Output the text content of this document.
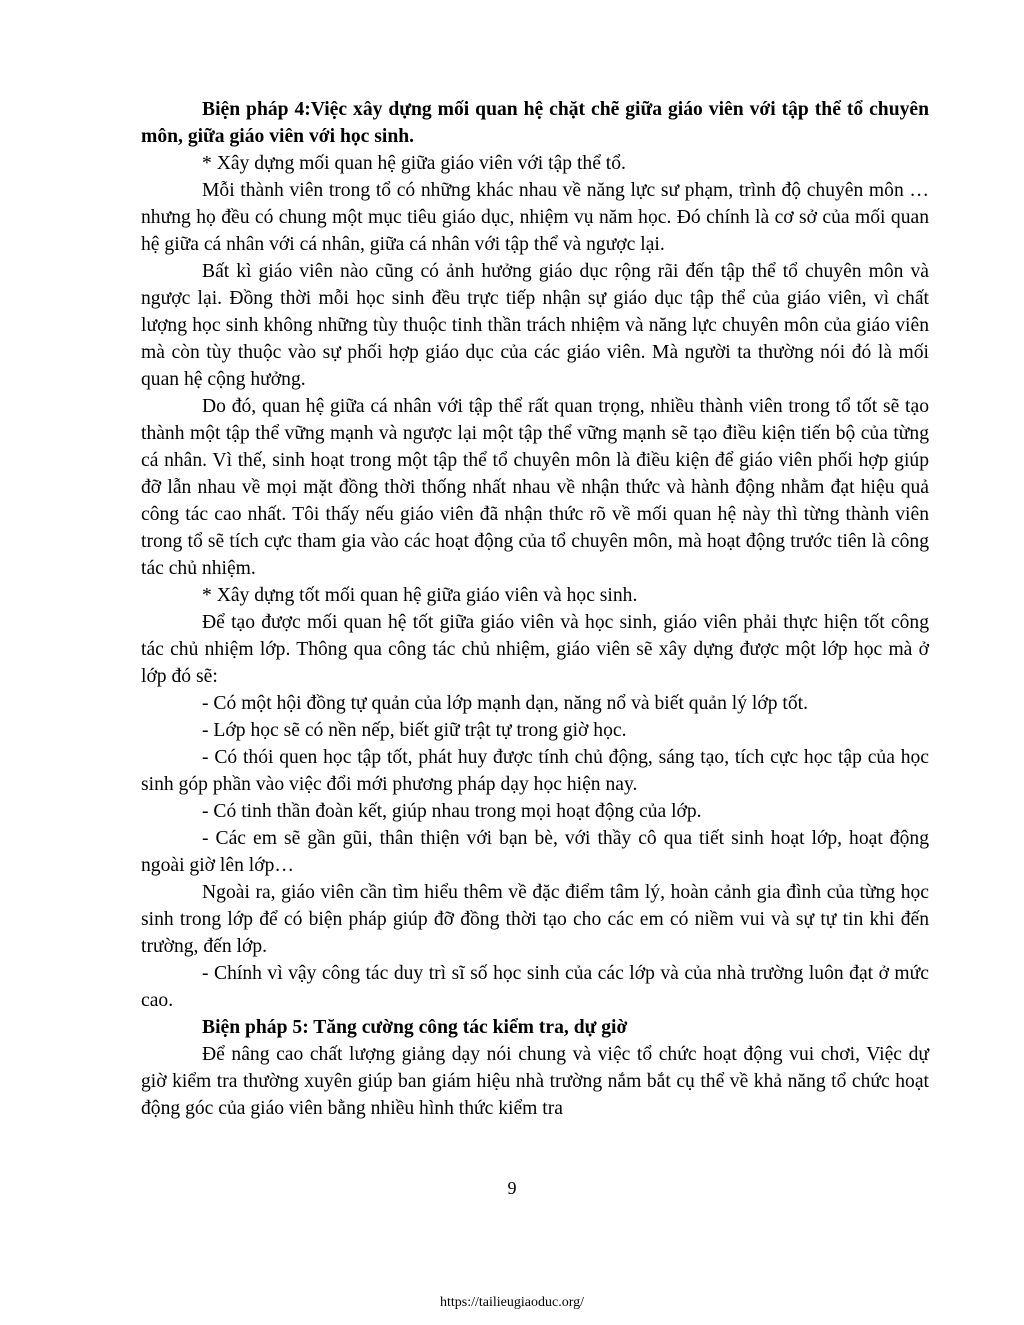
Biện pháp 4:Việc xây dựng mối quan hệ chặt chẽ giữa giáo viên với tập thể tổ chuyên môn, giữa giáo viên với học sinh.

* Xây dựng mối quan hệ giữa giáo viên với tập thể tổ.

Mỗi thành viên trong tổ có những khác nhau về năng lực sư phạm, trình độ chuyên môn …nhưng họ đều có chung một mục tiêu giáo dục, nhiệm vụ năm học. Đó chính là cơ sở của mối quan hệ giữa cá nhân với cá nhân, giữa cá nhân với tập thể và ngược lại.

Bất kì giáo viên nào cũng có ảnh hưởng giáo dục rộng rãi đến tập thể tổ chuyên môn và ngược lại. Đồng thời mỗi học sinh đều trực tiếp nhận sự giáo dục tập thể của giáo viên, vì chất lượng học sinh không những tùy thuộc tinh thần trách nhiệm và năng lực chuyên môn của giáo viên mà còn tùy thuộc vào sự phối hợp giáo dục của các giáo viên. Mà người ta thường nói đó là mối quan hệ cộng hưởng.

Do đó, quan hệ giữa cá nhân với tập thể rất quan trọng, nhiều thành viên trong tổ tốt sẽ tạo thành một tập thể vững mạnh và ngược lại một tập thể vững mạnh sẽ tạo điều kiện tiến bộ của từng cá nhân. Vì thế, sinh hoạt trong một tập thể tổ chuyên môn là điều kiện để giáo viên phối hợp giúp đỡ lẫn nhau về mọi mặt đồng thời thống nhất nhau về nhận thức và hành động nhằm đạt hiệu quả công tác cao nhất. Tôi thấy nếu giáo viên đã nhận thức rõ về mối quan hệ này thì từng thành viên trong tổ sẽ tích cực tham gia vào các hoạt động của tổ chuyên môn, mà hoạt động trước tiên là công tác chủ nhiệm.

* Xây dựng tốt mối quan hệ giữa giáo viên và học sinh.

Để tạo được mối quan hệ tốt giữa giáo viên và học sinh, giáo viên phải thực hiện tốt công tác chủ nhiệm lớp. Thông qua công tác chủ nhiệm, giáo viên sẽ xây dựng được một lớp học mà ở lớp đó sẽ:

- Có một hội đồng tự quản của lớp mạnh dạn, năng nổ và biết quản lý lớp tốt.

- Lớp học sẽ có nền nếp, biết giữ trật tự trong giờ học.

- Có thói quen học tập tốt, phát huy được tính chủ động, sáng tạo, tích cực học tập của học sinh góp phần vào việc đổi mới phương pháp dạy học hiện nay.

- Có tinh thần đoàn kết, giúp nhau trong mọi hoạt động của lớp.

- Các em sẽ gần gũi, thân thiện với bạn bè, với thầy cô qua tiết sinh hoạt lớp, hoạt động ngoài giờ lên lớp…

Ngoài ra, giáo viên cần tìm hiểu thêm về đặc điểm tâm lý, hoàn cảnh gia đình của từng học sinh trong lớp để có biện pháp giúp đỡ đồng thời tạo cho các em có niềm vui và sự tự tin khi đến trường, đến lớp.

- Chính vì vậy công tác duy trì sĩ số học sinh của các lớp và của nhà trường luôn đạt ở mức cao.

Biện pháp 5: Tăng cường công tác kiểm tra, dự giờ

Để nâng cao chất lượng giảng dạy nói chung và việc tổ chức hoạt động vui chơi, Việc dự giờ kiểm tra thường xuyên giúp ban giám hiệu nhà trường nắm bắt cụ thể về khả năng tổ chức hoạt động góc của giáo viên bằng nhiều hình thức kiểm tra

9
https://tailieugiaoduc.org/
